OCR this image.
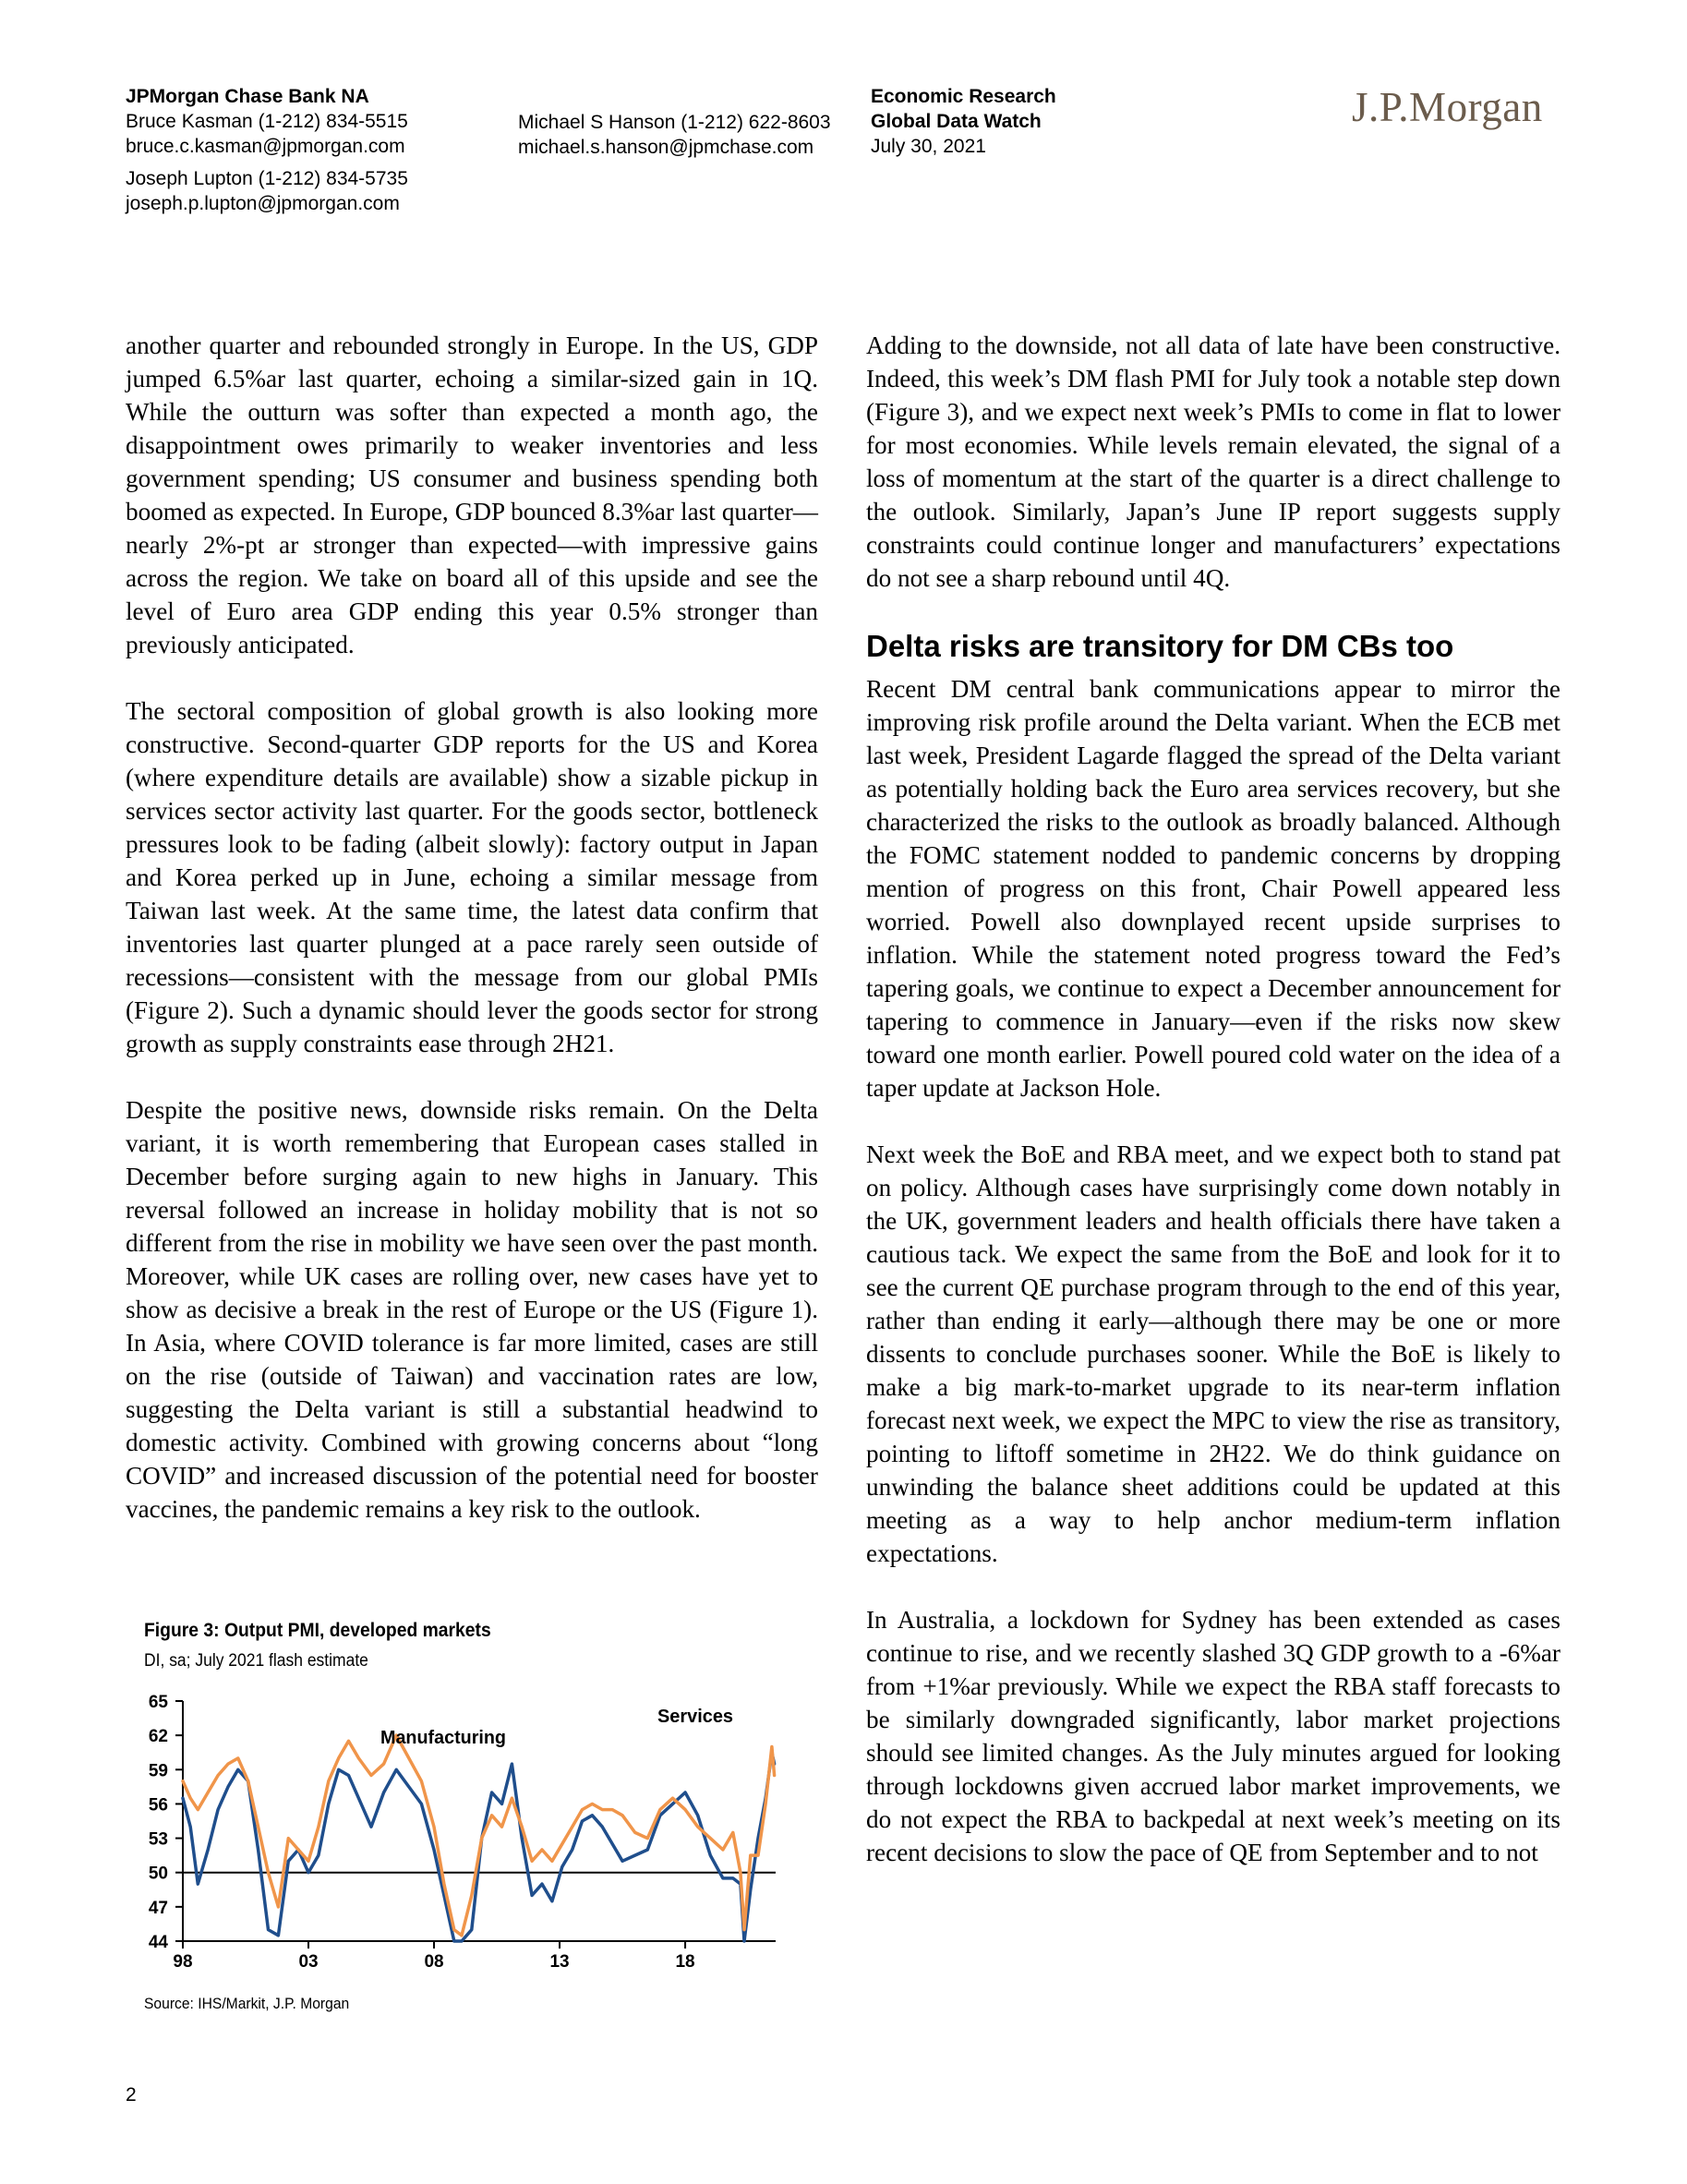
JPMorgan Chase Bank NA
Bruce Kasman (1-212) 834-5515
bruce.c.kasman@jpmorgan.com
Joseph Lupton (1-212) 834-5735
joseph.p.lupton@jpmorgan.com
Michael S Hanson (1-212) 622-8603
michael.s.hanson@jpmchase.com
Economic Research
Global Data Watch
July 30, 2021
J.P.Morgan

another quarter and rebounded strongly in Europe. In the US, GDP jumped 6.5%ar last quarter, echoing a similar-sized gain in 1Q. While the outturn was softer than expected a month ago, the disappointment owes primarily to weaker inventories and less government spending; US consumer and business spending both boomed as expected. In Europe, GDP bounced 8.3%ar last quarter—nearly 2%-pt ar stronger than expected—with impressive gains across the region. We take on board all of this upside and see the level of Euro area GDP ending this year 0.5% stronger than previously anticipated.

The sectoral composition of global growth is also looking more constructive. Second-quarter GDP reports for the US and Korea (where expenditure details are available) show a sizable pickup in services sector activity last quarter. For the goods sector, bottleneck pressures look to be fading (albeit slowly): factory output in Japan and Korea perked up in June, echoing a similar message from Taiwan last week. At the same time, the latest data confirm that inventories last quarter plunged at a pace rarely seen outside of recessions—consistent with the message from our global PMIs (Figure 2). Such a dynamic should lever the goods sector for strong growth as supply constraints ease through 2H21.

Despite the positive news, downside risks remain. On the Delta variant, it is worth remembering that European cases stalled in December before surging again to new highs in January. This reversal followed an increase in holiday mobility that is not so different from the rise in mobility we have seen over the past month. Moreover, while UK cases are rolling over, new cases have yet to show as decisive a break in the rest of Europe or the US (Figure 1). In Asia, where COVID tolerance is far more limited, cases are still on the rise (outside of Taiwan) and vaccination rates are low, suggesting the Delta variant is still a substantial headwind to domestic activity. Combined with growing concerns about “long COVID” and increased discussion of the potential need for booster vaccines, the pandemic remains a key risk to the outlook.

Adding to the downside, not all data of late have been constructive. Indeed, this week’s DM flash PMI for July took a notable step down (Figure 3), and we expect next week’s PMIs to come in flat to lower for most economies. While levels remain elevated, the signal of a loss of momentum at the start of the quarter is a direct challenge to the outlook. Similarly, Japan’s June IP report suggests supply constraints could continue longer and manufacturers’ expectations do not see a sharp rebound until 4Q.

Delta risks are transitory for DM CBs too

Recent DM central bank communications appear to mirror the improving risk profile around the Delta variant. When the ECB met last week, President Lagarde flagged the spread of the Delta variant as potentially holding back the Euro area services recovery, but she characterized the risks to the outlook as broadly balanced. Although the FOMC statement nodded to pandemic concerns by dropping mention of progress on this front, Chair Powell appeared less worried. Powell also downplayed recent upside surprises to inflation. While the statement noted progress toward the Fed’s tapering goals, we continue to expect a December announcement for tapering to commence in January—even if the risks now skew toward one month earlier. Powell poured cold water on the idea of a taper update at Jackson Hole.

Next week the BoE and RBA meet, and we expect both to stand pat on policy. Although cases have surprisingly come down notably in the UK, government leaders and health officials there have taken a cautious tack. We expect the same from the BoE and look for it to see the current QE purchase program through to the end of this year, rather than ending it early—although there may be one or more dissents to conclude purchases sooner. While the BoE is likely to make a big mark-to-market upgrade to its near-term inflation forecast next week, we expect the MPC to view the rise as transitory, pointing to liftoff sometime in 2H22. We do think guidance on unwinding the balance sheet additions could be updated at this meeting as a way to help anchor medium-term inflation expectations.

In Australia, a lockdown for Sydney has been extended as cases continue to rise, and we recently slashed 3Q GDP growth to a -6%ar from +1%ar previously. While we expect the RBA staff forecasts to be similarly downgraded significantly, labor market projections should see limited changes. As the July minutes argued for looking through lockdowns given accrued labor market improvements, we do not expect the RBA to backpedal at next week’s meeting on its recent decisions to slow the pace of QE from September and to not

Figure 3: Output PMI, developed markets
DI, sa; July 2021 flash estimate
65
62
59
56
53
50
47
44
98	03	08	13	18
Manufacturing
Services
Source: IHS/Markit, J.P. Morgan
2
